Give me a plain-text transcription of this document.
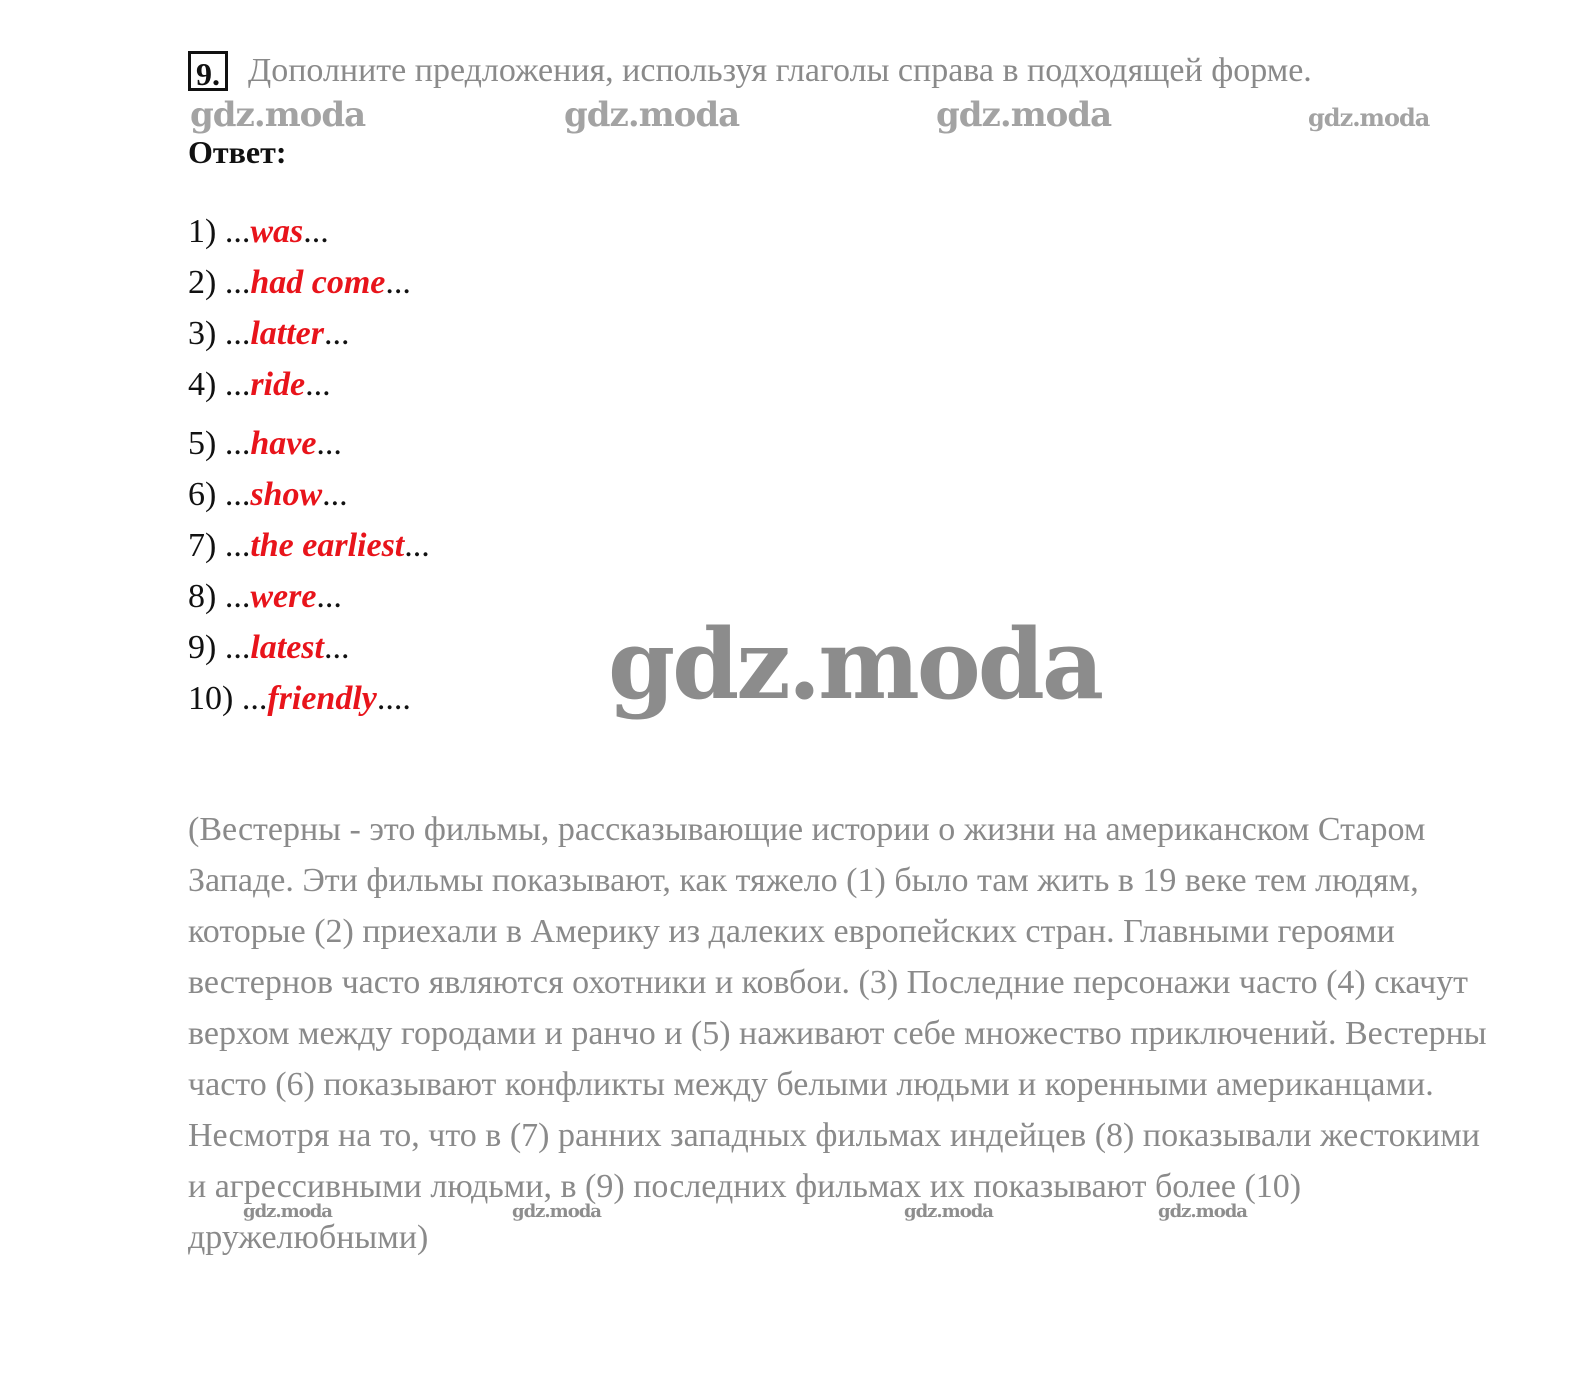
9. Дополните предложения, используя глаголы справа в подходящей форме.
gdz.moda	gdz.moda	gdz.moda	gdz.moda
Ответ:
1) ...was...
2) ...had come...
3) ...latter...
4) ...ride...
5) ...have...
6) ...show...
7) ...the earliest...
8) ...were...
9) ...latest...
10) ...friendly.... gdz.moda

(Вестерны - это фильмы, рассказывающие истории о жизни на американском Старом Западе. Эти фильмы показывают, как тяжело (1) было там жить в 19 веке тем людям, которые (2) приехали в Америку из далеких европейских стран. Главными героями вестернов часто являются охотники и ковбои. (3) Последние персонажи часто (4) скачут верхом между городами и ранчо и (5) наживают себе множество приключений. Вестерны часто (6) показывают конфликты между белыми людьми и коренными американцами. Несмотря на то, что в (7) ранних западных фильмах индейцев (8) показывали жестокими и агрессивными людьми, в (9) последних фильмах их показывают более (10) дружелюбными)

gdz.moda	gdz.moda	gdz.moda	gdz.moda
